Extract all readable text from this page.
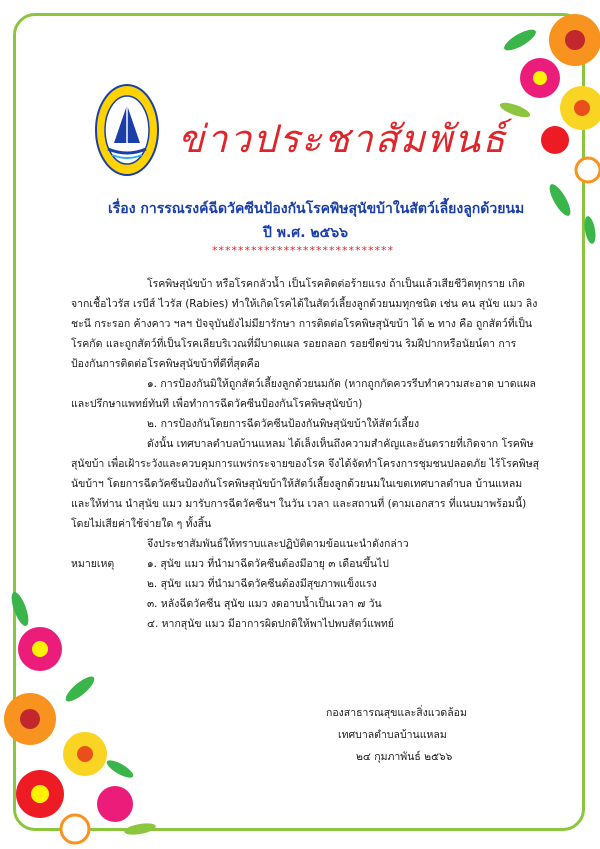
ข่าวประชาสัมพันธ์
เรื่อง การรณรงค์ฉีดวัคซีนป้องกันโรคพิษสุนัขบ้าในสัตว์เลี้ยงลูกด้วยนม
ปี พ.ศ. ๒๕๖๖
****************************

โรคพิษสุนัขบ้า หรือโรคกลัวน้ำ เป็นโรคติดต่อร้ายแรง ถ้าเป็นแล้วเสียชีวิตทุกราย เกิดจากเชื้อไวรัส เรบีส์ ไวรัส (Rabies) ทำให้เกิดโรคได้ในสัตว์เลี้ยงลูกด้วยนมทุกชนิด เช่น คน สุนัข แมว ลิง ชะนี กระรอก ค้างคาว ฯลฯ ปัจจุบันยังไม่มียารักษา การติดต่อโรคพิษสุนัขบ้า ได้ ๒ ทาง คือ ถูกสัตว์ที่เป็นโรคกัด และถูกสัตว์ที่เป็นโรคเลียบริเวณที่มีบาดแผล รอยถลอก รอยขีดข่วน ริมฝีปากหรือนัยน์ตา การป้องกันการติดต่อโรคพิษสุนัขบ้าที่ดีที่สุดคือ

๑. การป้องกันมิให้ถูกสัตว์เลี้ยงลูกด้วยนมกัด (หากถูกกัดควรรีบทำความสะอาด บาดแผลและปรึกษาแพทย์ทันที เพื่อทำการฉีดวัคซีนป้องกันโรคพิษสุนัขบ้า)

๒. การป้องกันโดยการฉีดวัคซีนป้องกันพิษสุนัขบ้าให้สัตว์เลี้ยง

ดังนั้น เทศบาลตำบลบ้านแหลม ได้เล็งเห็นถึงความสำคัญและอันตรายที่เกิดจาก โรคพิษสุนัขบ้า เพื่อเฝ้าระวังและควบคุมการแพร่กระจายของโรค จึงได้จัดทำโครงการชุมชนปลอดภัย ไร้โรคพิษสุนัขบ้าฯ โดยการฉีดวัคซีนป้องกันโรคพิษสุนัขบ้าให้สัตว์เลี้ยงลูกด้วยนมในเขตเทศบาลตำบล บ้านแหลม และให้ท่าน นำสุนัข แมว มารับการฉีดวัคซีนฯ ในวัน เวลา และสถานที่ (ตามเอกสาร ที่แนบมาพร้อมนี้) โดยไม่เสียค่าใช้จ่ายใด ๆ ทั้งสิ้น

จึงประชาสัมพันธ์ให้ทราบและปฏิบัติตามข้อแนะนำดังกล่าว

หมายเหตุ	๑. สุนัข แมว ที่นำมาฉีดวัคซีนต้องมีอายุ ๓ เดือนขึ้นไป
๒. สุนัข แมว ที่นำมาฉีดวัคซีนต้องมีสุขภาพแข็งแรง
๓. หลังฉีดวัคซีน สุนัข แมว งดอาบน้ำเป็นเวลา ๗ วัน
๔. หากสุนัข แมว มีอาการผิดปกติให้พาไปพบสัตว์แพทย์
กองสาธารณสุขและสิ่งแวดล้อม
เทศบาลตำบลบ้านแหลม
๒๔ กุมภาพันธ์ ๒๕๖๖
